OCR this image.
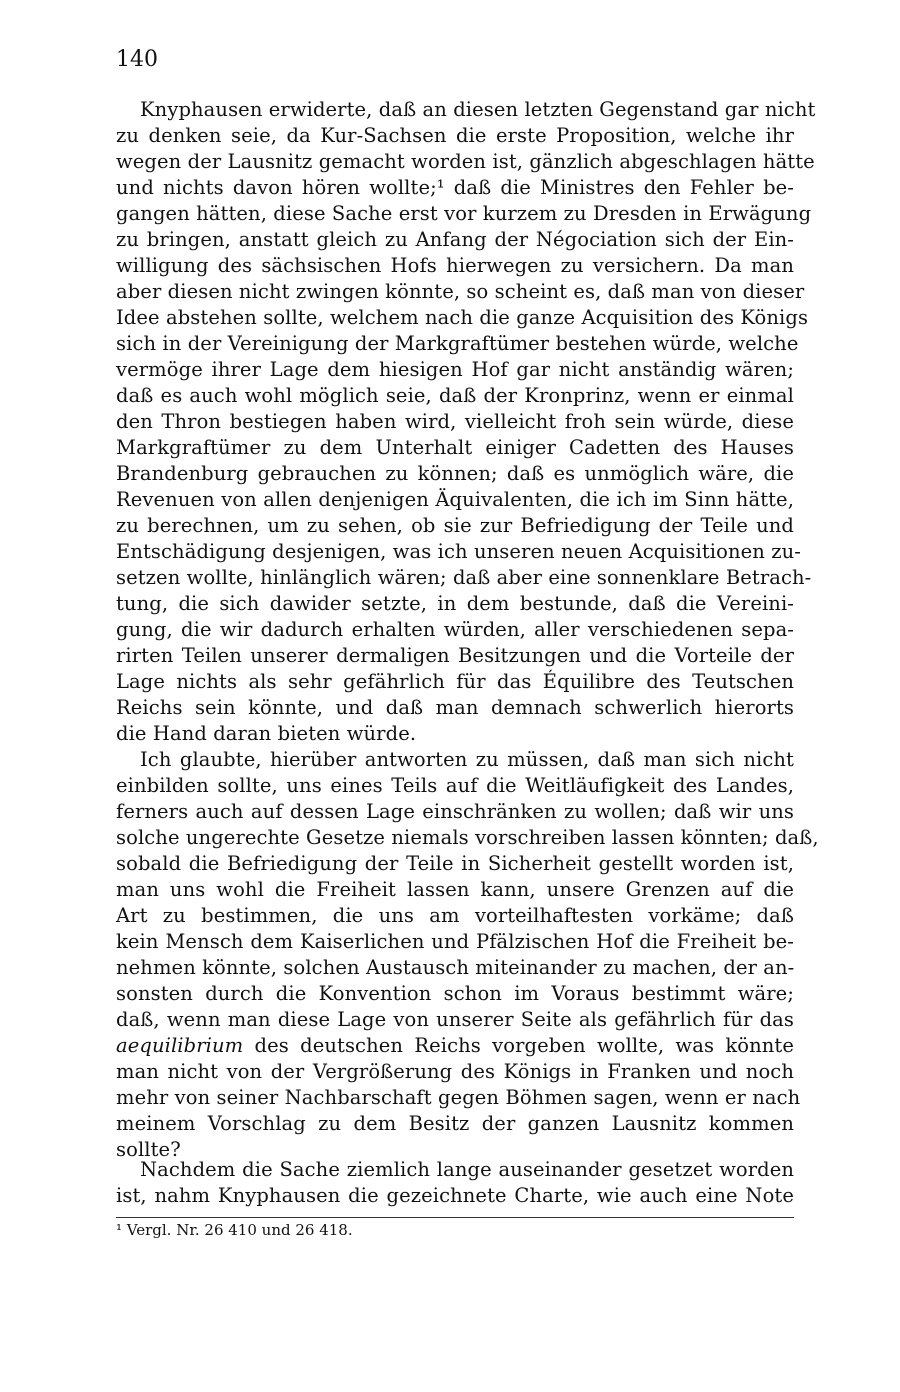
140
Knyphausen erwiderte, daß an diesen letzten Gegenstand gar nicht
zu denken seie, da Kur-Sachsen die erste Proposition, welche ihr
wegen der Lausnitz gemacht worden ist, gänzlich abgeschlagen hätte
und nichts davon hören wollte;¹ daß die Ministres den Fehler be-
gangen hätten, diese Sache erst vor kurzem zu Dresden in Erwägung
zu bringen, anstatt gleich zu Anfang der Négociation sich der Ein-
willigung des sächsischen Hofs hierwegen zu versichern. Da man
aber diesen nicht zwingen könnte, so scheint es, daß man von dieser
Idee abstehen sollte, welchem nach die ganze Acquisition des Königs
sich in der Vereinigung der Markgraftümer bestehen würde, welche
vermöge ihrer Lage dem hiesigen Hof gar nicht anständig wären;
daß es auch wohl möglich seie, daß der Kronprinz, wenn er einmal
den Thron bestiegen haben wird, vielleicht froh sein würde, diese
Markgraftümer zu dem Unterhalt einiger Cadetten des Hauses
Brandenburg gebrauchen zu können; daß es unmöglich wäre, die
Revenuen von allen denjenigen Äquivalenten, die ich im Sinn hätte,
zu berechnen, um zu sehen, ob sie zur Befriedigung der Teile und
Entschädigung desjenigen, was ich unseren neuen Acquisitionen zu-
setzen wollte, hinlänglich wären; daß aber eine sonnenklare Betrach-
tung, die sich dawider setzte, in dem bestunde, daß die Vereini-
gung, die wir dadurch erhalten würden, aller verschiedenen sepa-
rirten Teilen unserer dermaligen Besitzungen und die Vorteile der
Lage nichts als sehr gefährlich für das Équilibre des Teutschen
Reichs sein könnte, und daß man demnach schwerlich hierorts
die Hand daran bieten würde.
Ich glaubte, hierüber antworten zu müssen, daß man sich nicht
einbilden sollte, uns eines Teils auf die Weitläufigkeit des Landes,
ferners auch auf dessen Lage einschränken zu wollen; daß wir uns
solche ungerechte Gesetze niemals vorschreiben lassen könnten; daß,
sobald die Befriedigung der Teile in Sicherheit gestellt worden ist,
man uns wohl die Freiheit lassen kann, unsere Grenzen auf die
Art zu bestimmen, die uns am vorteilhaftesten vorkäme; daß
kein Mensch dem Kaiserlichen und Pfälzischen Hof die Freiheit be-
nehmen könnte, solchen Austausch miteinander zu machen, der an-
sonsten durch die Konvention schon im Voraus bestimmt wäre;
daß, wenn man diese Lage von unserer Seite als gefährlich für das
aequilibrium des deutschen Reichs vorgeben wollte, was könnte
man nicht von der Vergrößerung des Königs in Franken und noch
mehr von seiner Nachbarschaft gegen Böhmen sagen, wenn er nach
meinem Vorschlag zu dem Besitz der ganzen Lausnitz kommen
sollte?
Nachdem die Sache ziemlich lange auseinander gesetzet worden
ist, nahm Knyphausen die gezeichnete Charte, wie auch eine Note
¹ Vergl. Nr. 26 410 und 26 418.
